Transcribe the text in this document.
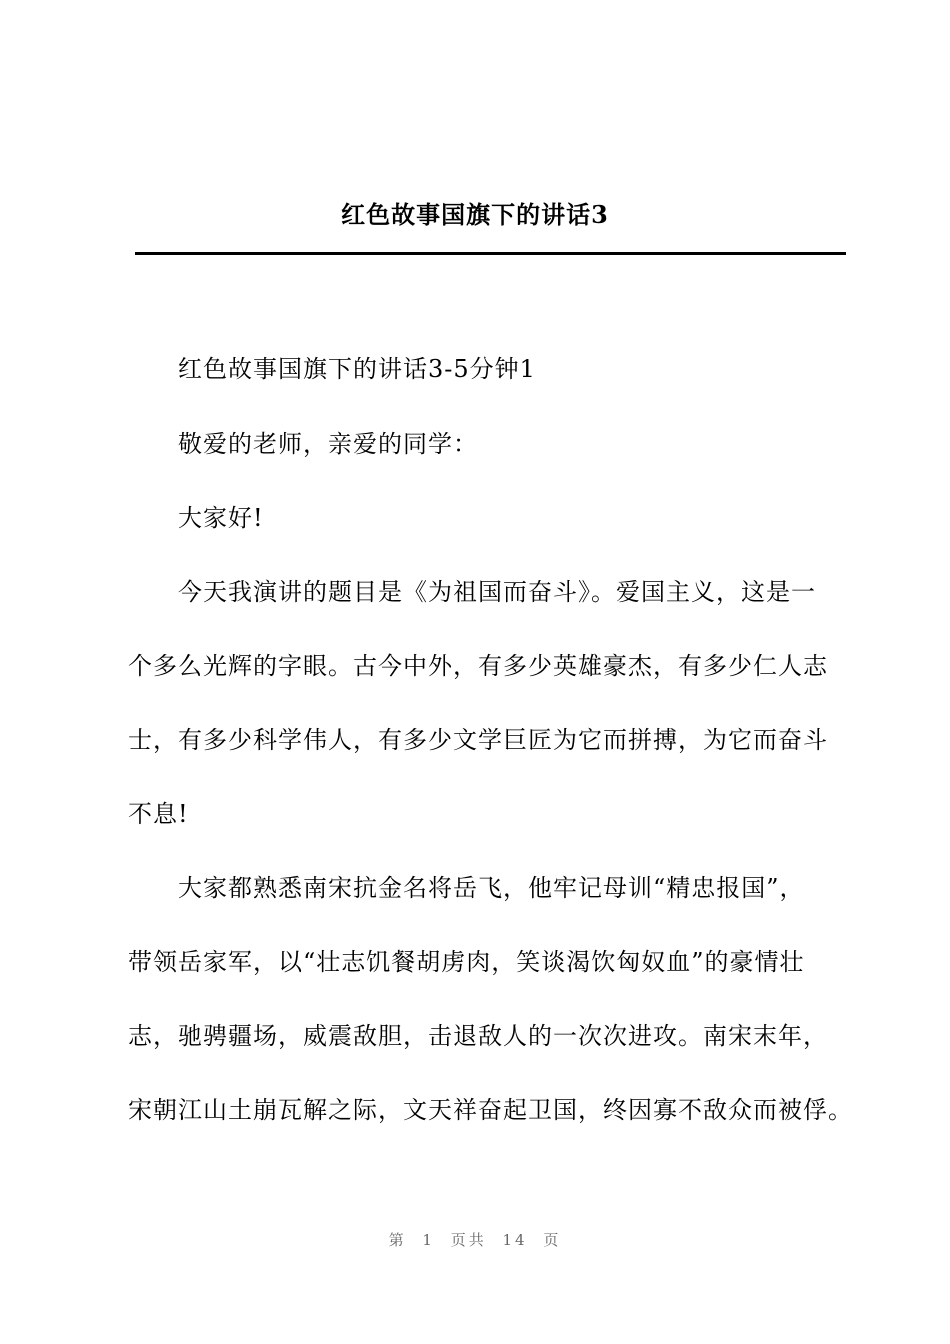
红色故事国旗下的讲话3
红色故事国旗下的讲话3-5分钟1
敬爱的老师，亲爱的同学：
大家好!
今天我演讲的题目是《为祖国而奋斗》。爱国主义，这是一
个多么光辉的字眼。古今中外，有多少英雄豪杰，有多少仁人志
士，有多少科学伟人，有多少文学巨匠为它而拼搏，为它而奋斗
不息!
大家都熟悉南宋抗金名将岳飞，他牢记母训“精忠报国”，
带领岳家军，以“壮志饥餐胡虏肉，笑谈渴饮匈奴血”的豪情壮
志，驰骋疆场，威震敌胆，击退敌人的一次次进攻。南宋末年，
宋朝江山土崩瓦解之际，文天祥奋起卫国，终因寡不敌众而被俘。
第 1 页共 14 页
